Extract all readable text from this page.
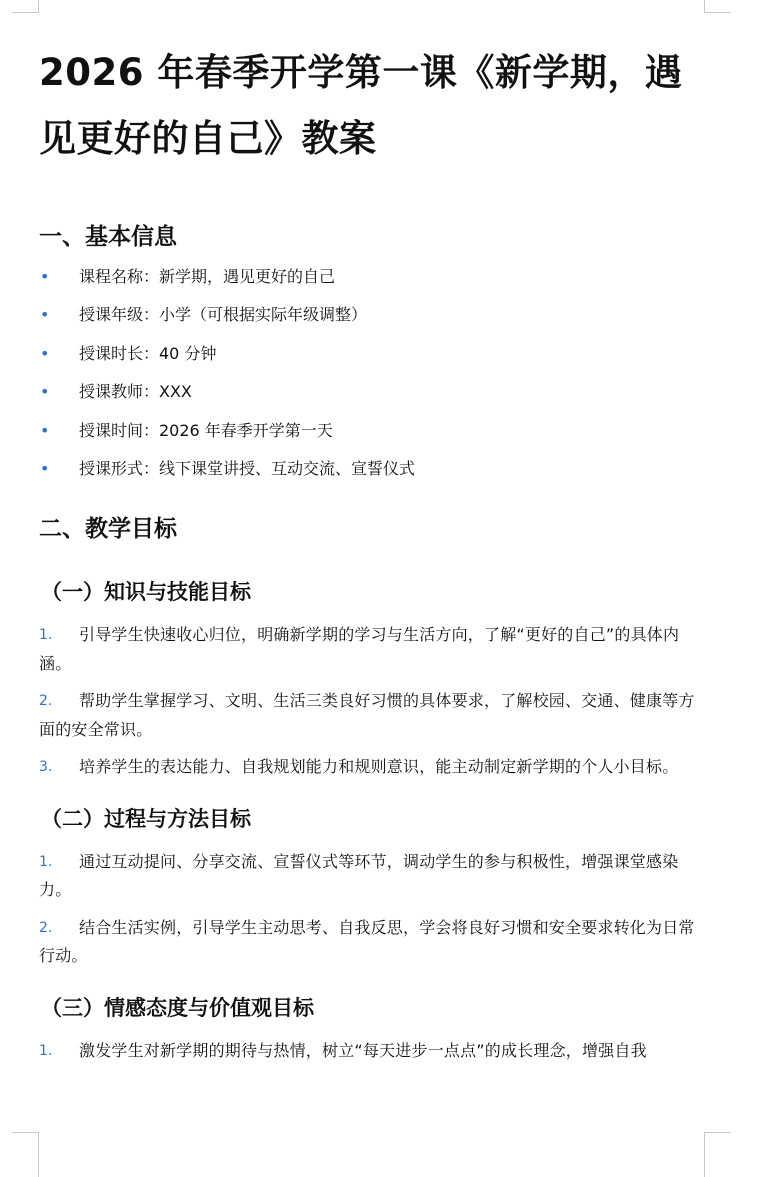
2026 年春季开学第一课《新学期，遇见更好的自己》教案
一、基本信息
• 课程名称：新学期，遇见更好的自己
• 授课年级：小学（可根据实际年级调整）
• 授课时长：40 分钟
• 授课教师：XXX
• 授课时间：2026 年春季开学第一天
• 授课形式：线下课堂讲授、互动交流、宣誓仪式
二、教学目标
（一）知识与技能目标
1. 引导学生快速收心归位，明确新学期的学习与生活方向，了解“更好的自己”的具体内涵。
2. 帮助学生掌握学习、文明、生活三类良好习惯的具体要求，了解校园、交通、健康等方面的安全常识。
3. 培养学生的表达能力、自我规划能力和规则意识，能主动制定新学期的个人小目标。
（二）过程与方法目标
1. 通过互动提问、分享交流、宣誓仪式等环节，调动学生的参与积极性，增强课堂感染力。
2. 结合生活实例，引导学生主动思考、自我反思，学会将良好习惯和安全要求转化为日常行动。
（三）情感态度与价值观目标
1. 激发学生对新学期的期待与热情，树立“每天进步一点点”的成长理念，增强自我
